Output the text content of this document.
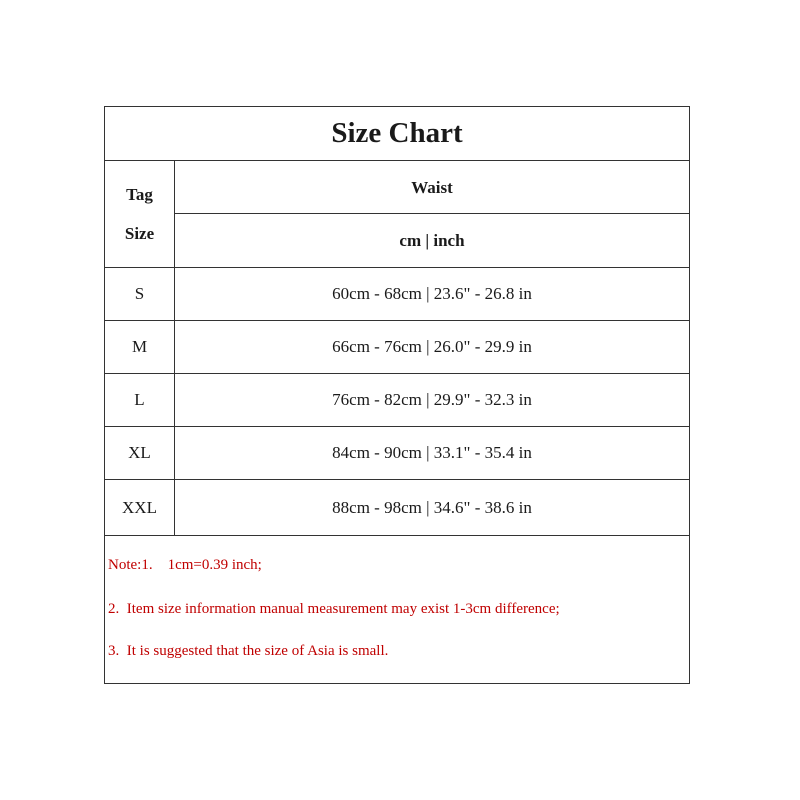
Size Chart
Tag
Size
Waist
cm | inch
S	60cm - 68cm | 23.6" - 26.8 in
M	66cm - 76cm | 26.0" - 29.9 in
L	76cm - 82cm | 29.9" - 32.3 in
XL	84cm - 90cm | 33.1" - 35.4 in
XXL	88cm - 98cm | 34.6" - 38.6 in
Note:1.    1cm=0.39 inch;
2.  Item size information manual measurement may exist 1-3cm difference;
3.  It is suggested that the size of Asia is small.
